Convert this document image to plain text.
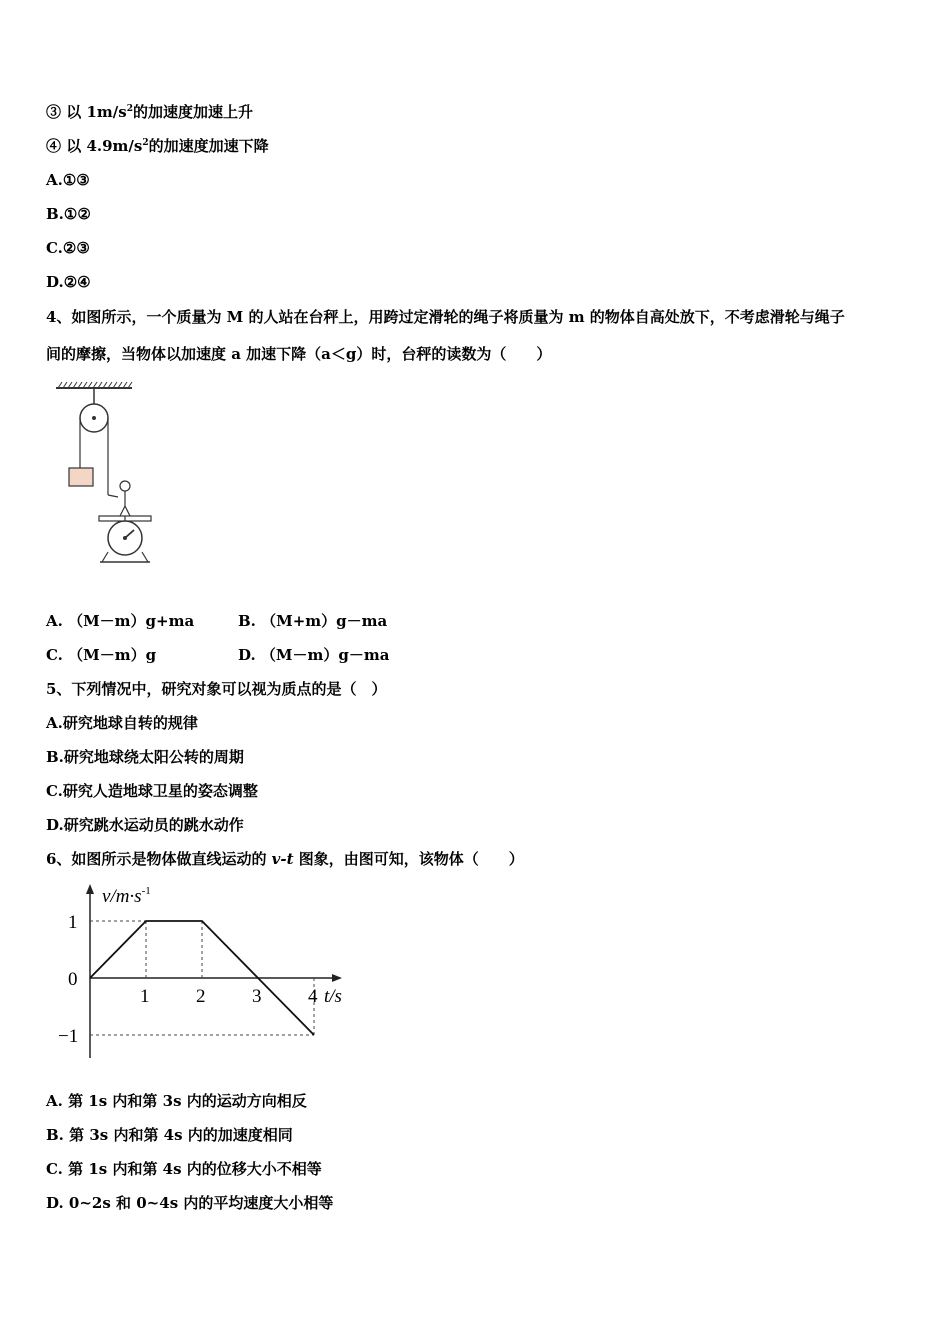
③ 以 $1m/s^2$的加速度加速上升
④ 以 $4.9m/s^2$的加速度加速下降
A.①③
B.①②
C.②③
D.②④
4、如图所示，一个质量为 M 的人站在台秤上，用跨过定滑轮的绳子将质量为 m 的物体自高处放下，不考虑滑轮与绳子
间的摩擦，当物体以加速度 a 加速下降（a＜g）时，台秤的读数为（　　）
A. （M－m）g+ma	B. （M+m）g－ma
C. （M－m）g	D. （M－m）g－ma
5、下列情况中，研究对象可以视为质点的是（　）
A.研究地球自转的规律
B.研究地球绕太阳公转的周期
C.研究人造地球卫星的姿态调整
D.研究跳水运动员的跳水动作
6、如图所示是物体做直线运动的 v-t 图象，由图可知，该物体（　　）
$v/m\cdot s^{-1}$
t/s
1 2 3 4
1
0
−1
A. 第 1s 内和第 3s 内的运动方向相反
B. 第 3s 内和第 4s 内的加速度相同
C. 第 1s 内和第 4s 内的位移大小不相等
D. 0~2s 和 0~4s 内的平均速度大小相等
